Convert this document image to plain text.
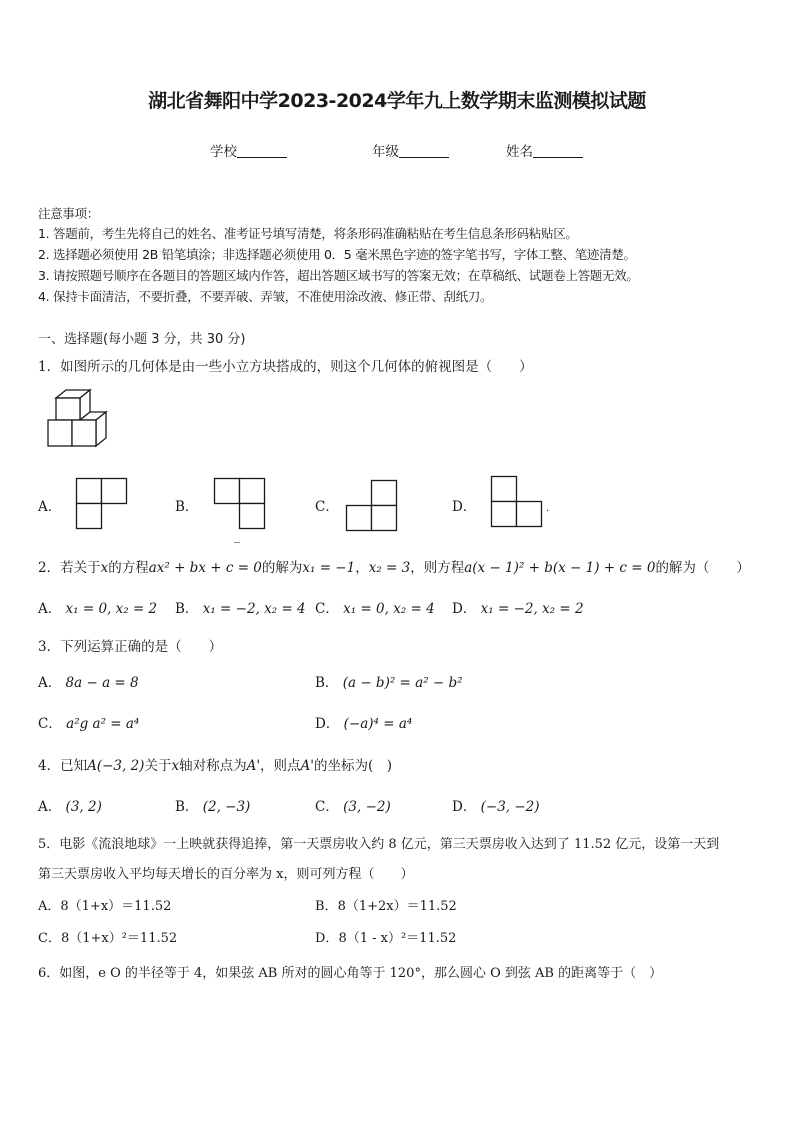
湖北省舞阳中学2023-2024学年九上数学期末监测模拟试题
学校	年级	姓名
注意事项：
1. 答题前，考生先将自己的姓名、准考证号填写清楚，将条形码准确粘贴在考生信息条形码粘贴区。
2. 选择题必须使用 2B 铅笔填涂；非选择题必须使用 0．5 毫米黑色字迹的签字笔书写，字体工整、笔迹清楚。
3. 请按照题号顺序在各题目的答题区域内作答，超出答题区域书写的答案无效；在草稿纸、试题卷上答题无效。
4. 保持卡面清洁，不要折叠，不要弄破、弄皱，不准使用涂改液、修正带、刮纸刀。
一、选择题(每小题 3 分，共 30 分)
1．如图所示的几何体是由一些小立方块搭成的，则这个几何体的俯视图是（　　）
A．	B．
_
C．	D．	.
2．若关于x的方程ax² + bx + c = 0的解为x₁ = −1，x₂ = 3，则方程a(x − 1)² + b(x − 1) + c = 0的解为（　　）
A． x₁ = 0, x₂ = 2 B． x₁ = −2, x₂ = 4 C． x₁ = 0, x₂ = 4 D． x₁ = −2, x₂ = 2
3．下列运算正确的是（　　）
A． 8a − a = 8	B． (a − b)² = a² − b²
C． a²g a² = a⁴	D． (−a)⁴ = a⁴
4．已知A(−3, 2)关于x轴对称点为A'，则点A'的坐标为(　)
A． (3, 2)	B． (2, −3)	C． (3, −2)	D． (−3, −2)
5．电影《流浪地球》一上映就获得追捧，第一天票房收入约 8 亿元，第三天票房收入达到了 11.52 亿元，设第一天到
第三天票房收入平均每天增长的百分率为 x，则可列方程（　　）
A．8（1+x）＝11.52	B．8（1+2x）＝11.52
C．8（1+x）²＝11.52	D．8（1 - x）²＝11.52
6．如图，e O 的半径等于 4，如果弦 AB 所对的圆心角等于 120°，那么圆心 O 到弦 AB 的距离等于（　）
